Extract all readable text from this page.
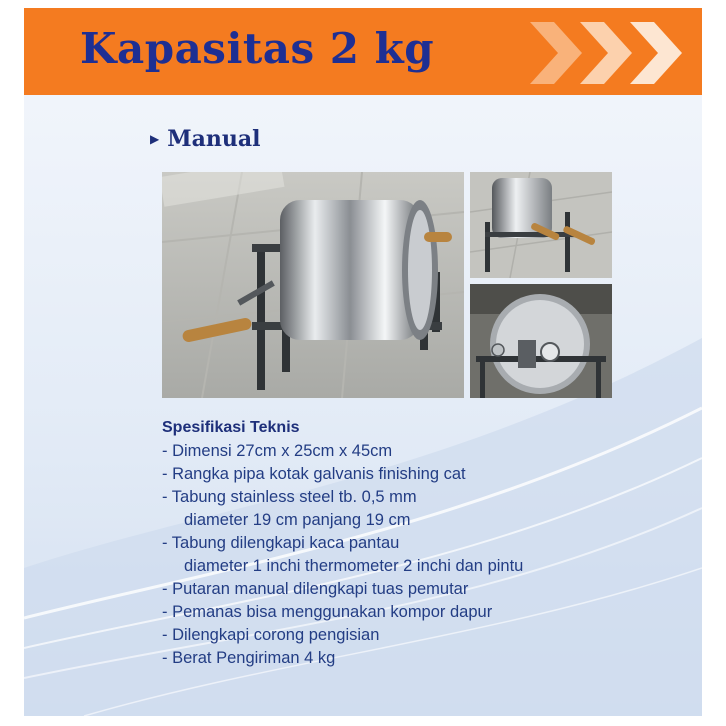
Kapasitas 2 kg
▶ Manual
Spesifikasi Teknis
- Dimensi 27cm x 25cm x 45cm
- Rangka pipa kotak galvanis finishing cat
- Tabung stainless steel tb. 0,5 mm
diameter 19 cm panjang 19 cm
- Tabung dilengkapi kaca pantau
diameter 1 inchi thermometer 2 inchi dan pintu
- Putaran manual dilengkapi tuas pemutar
- Pemanas bisa menggunakan kompor dapur
- Dilengkapi corong pengisian
- Berat Pengiriman 4 kg
